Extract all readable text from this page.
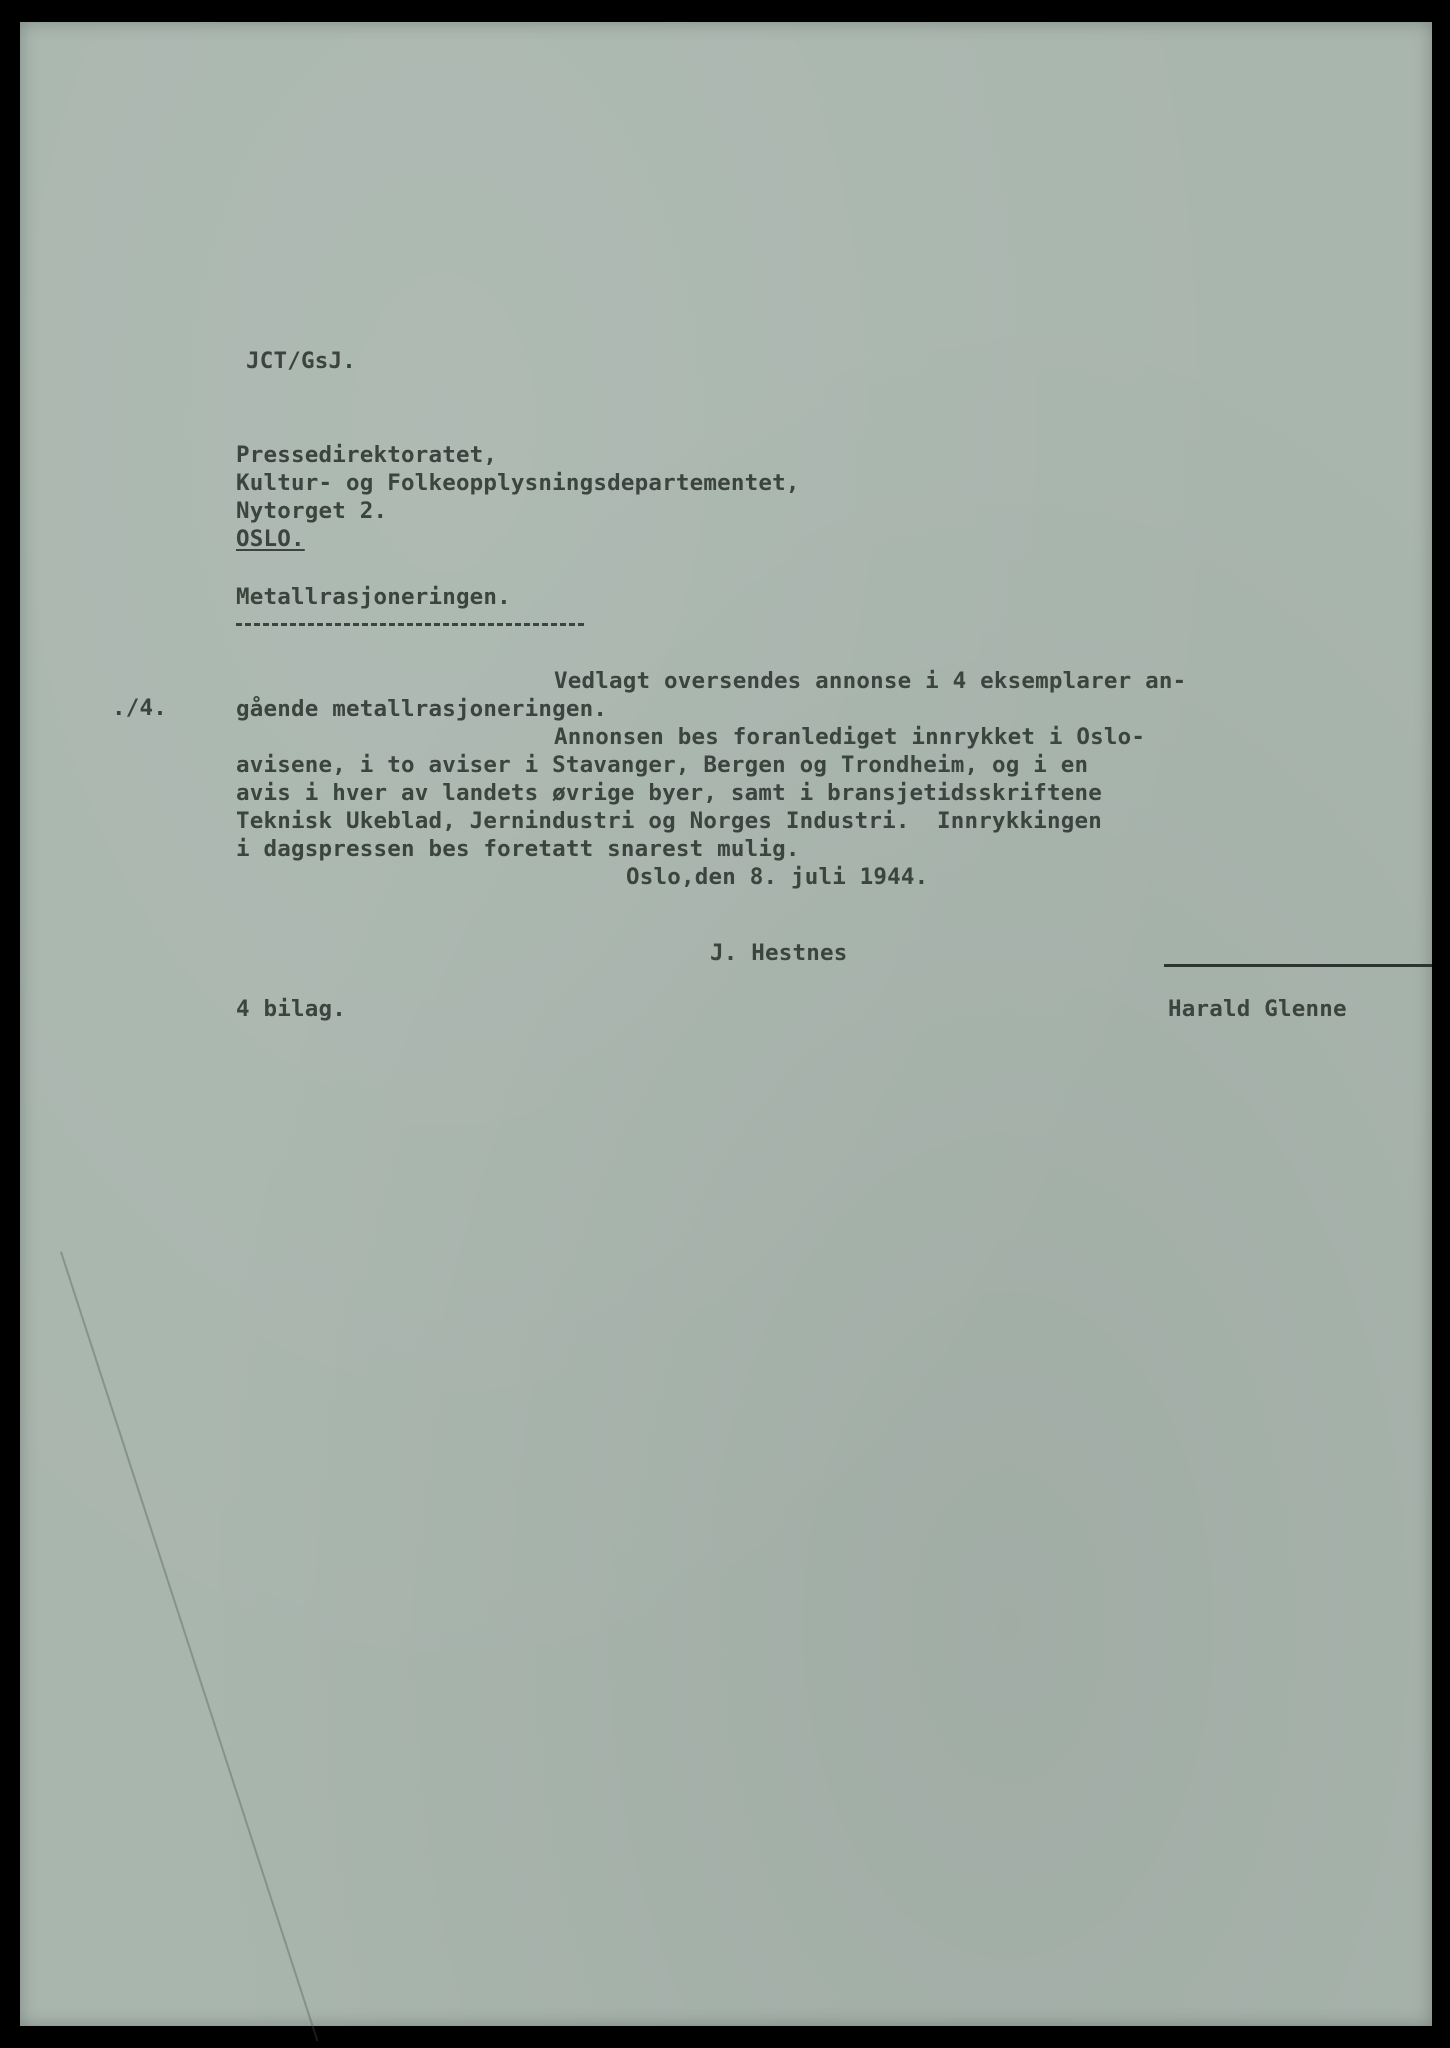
JCT/GsJ.
Pressedirektoratet,
Kultur- og Folkeopplysningsdepartementet,
Nytorget 2.
OSLO.
Metallrasjoneringen.
./4.
Vedlagt oversendes annonse i 4 eksemplarer an-
gående metallrasjoneringen.
Annonsen bes foranlediget innrykket i Oslo-
avisene, i to aviser i Stavanger, Bergen og Trondheim, og i en
avis i hver av landets øvrige byer, samt i bransjetidsskriftene
Teknisk Ukeblad, Jernindustri og Norges Industri.  Innrykkingen
i dagspressen bes foretatt snarest mulig.
Oslo,den 8. juli 1944.
J. Hestnes
Harald Glenne
4 bilag.
